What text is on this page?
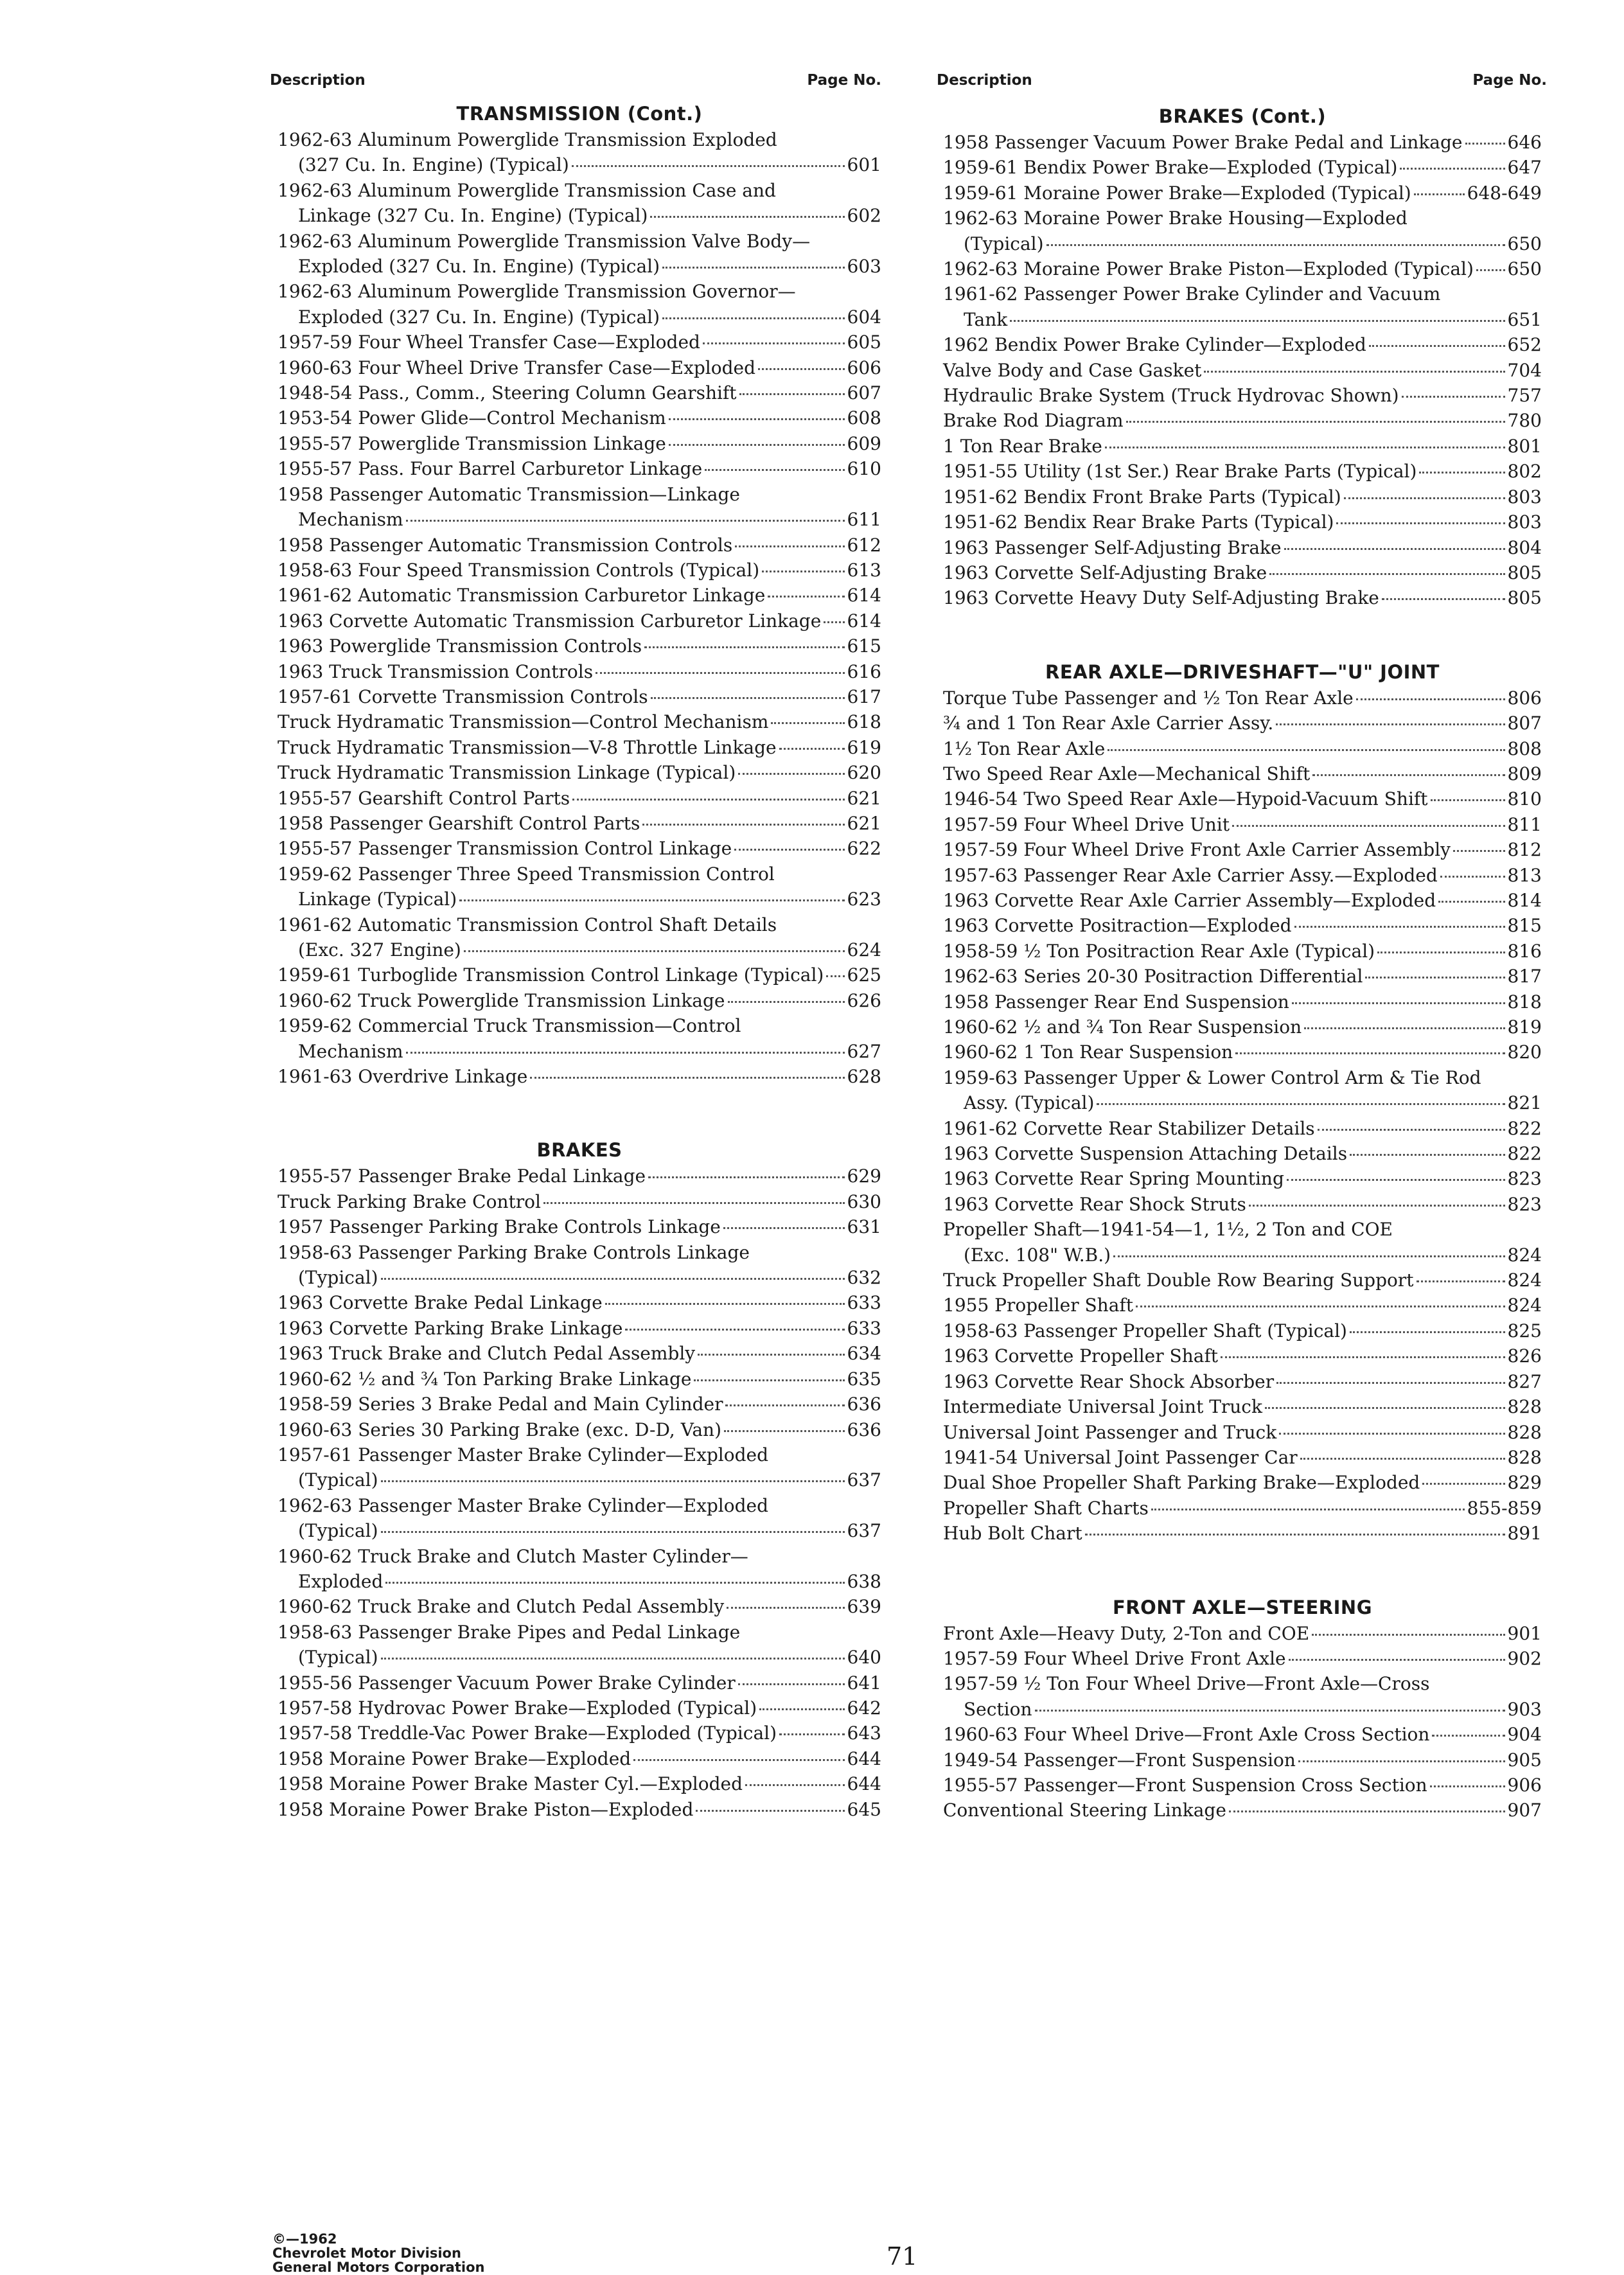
Description	Page No.
TRANSMISSION (Cont.)
1962-63 Aluminum Powerglide Transmission Exploded
(327 Cu. In. Engine) (Typical)	601
1962-63 Aluminum Powerglide Transmission Case and
Linkage (327 Cu. In. Engine) (Typical)	602
1962-63 Aluminum Powerglide Transmission Valve Body—
Exploded (327 Cu. In. Engine) (Typical)	603
1962-63 Aluminum Powerglide Transmission Governor—
Exploded (327 Cu. In. Engine) (Typical)	604
1957-59 Four Wheel Transfer Case—Exploded	605
1960-63 Four Wheel Drive Transfer Case—Exploded	606
1948-54 Pass., Comm., Steering Column Gearshift	607
1953-54 Power Glide—Control Mechanism	608
1955-57 Powerglide Transmission Linkage	609
1955-57 Pass. Four Barrel Carburetor Linkage	610
1958 Passenger Automatic Transmission—Linkage
Mechanism	611
1958 Passenger Automatic Transmission Controls	612
1958-63 Four Speed Transmission Controls (Typical)	613
1961-62 Automatic Transmission Carburetor Linkage	614
1963 Corvette Automatic Transmission Carburetor Linkage 614
1963 Powerglide Transmission Controls	615
1963 Truck Transmission Controls	616
1957-61 Corvette Transmission Controls	617
Truck Hydramatic Transmission—Control Mechanism	618
Truck Hydramatic Transmission—V-8 Throttle Linkage	619
Truck Hydramatic Transmission Linkage (Typical)	620
1955-57 Gearshift Control Parts	621
1958 Passenger Gearshift Control Parts	621
1955-57 Passenger Transmission Control Linkage	622
1959-62 Passenger Three Speed Transmission Control
Linkage (Typical)	623
1961-62 Automatic Transmission Control Shaft Details
(Exc. 327 Engine)	624
1959-61 Turboglide Transmission Control Linkage (Typical) 625
1960-62 Truck Powerglide Transmission Linkage	626
1959-62 Commercial Truck Transmission—Control
Mechanism	627
1961-63 Overdrive Linkage	628
BRAKES
1955-57 Passenger Brake Pedal Linkage	629
Truck Parking Brake Control	630
1957 Passenger Parking Brake Controls Linkage	631
1958-63 Passenger Parking Brake Controls Linkage
(Typical)	632
1963 Corvette Brake Pedal Linkage	633
1963 Corvette Parking Brake Linkage	633
1963 Truck Brake and Clutch Pedal Assembly	634
1960-62 ½ and ¾ Ton Parking Brake Linkage	635
1958-59 Series 3 Brake Pedal and Main Cylinder	636
1960-63 Series 30 Parking Brake (exc. D-D, Van)	636
1957-61 Passenger Master Brake Cylinder—Exploded
(Typical)	637
1962-63 Passenger Master Brake Cylinder—Exploded
(Typical)	637
1960-62 Truck Brake and Clutch Master Cylinder—
Exploded	638
1960-62 Truck Brake and Clutch Pedal Assembly	639
1958-63 Passenger Brake Pipes and Pedal Linkage
(Typical)	640
1955-56 Passenger Vacuum Power Brake Cylinder	641
1957-58 Hydrovac Power Brake—Exploded (Typical)	642
1957-58 Treddle-Vac Power Brake—Exploded (Typical)	643
1958 Moraine Power Brake—Exploded	644
1958 Moraine Power Brake Master Cyl.—Exploded	644
1958 Moraine Power Brake Piston—Exploded	645
Description	Page No.
BRAKES (Cont.)
1958 Passenger Vacuum Power Brake Pedal and Linkage	646
1959-61 Bendix Power Brake—Exploded (Typical)	647
1959-61 Moraine Power Brake—Exploded (Typical)	648-649
1962-63 Moraine Power Brake Housing—Exploded
(Typical)	650
1962-63 Moraine Power Brake Piston—Exploded (Typical) 650
1961-62 Passenger Power Brake Cylinder and Vacuum
Tank	651
1962 Bendix Power Brake Cylinder—Exploded	652
Valve Body and Case Gasket	704
Hydraulic Brake System (Truck Hydrovac Shown)	757
Brake Rod Diagram	780
1 Ton Rear Brake	801
1951-55 Utility (1st Ser.) Rear Brake Parts (Typical)	802
1951-62 Bendix Front Brake Parts (Typical)	803
1951-62 Bendix Rear Brake Parts (Typical)	803
1963 Passenger Self-Adjusting Brake	804
1963 Corvette Self-Adjusting Brake	805
1963 Corvette Heavy Duty Self-Adjusting Brake	805
REAR AXLE—DRIVESHAFT—"U" JOINT
Torque Tube Passenger and ½ Ton Rear Axle	806
¾ and 1 Ton Rear Axle Carrier Assy.	807
1½ Ton Rear Axle	808
Two Speed Rear Axle—Mechanical Shift	809
1946-54 Two Speed Rear Axle—Hypoid-Vacuum Shift	810
1957-59 Four Wheel Drive Unit	811
1957-59 Four Wheel Drive Front Axle Carrier Assembly	812
1957-63 Passenger Rear Axle Carrier Assy.—Exploded	813
1963 Corvette Rear Axle Carrier Assembly—Exploded	814
1963 Corvette Positraction—Exploded	815
1958-59 ½ Ton Positraction Rear Axle (Typical)	816
1962-63 Series 20-30 Positraction Differential	817
1958 Passenger Rear End Suspension	818
1960-62 ½ and ¾ Ton Rear Suspension	819
1960-62 1 Ton Rear Suspension	820
1959-63 Passenger Upper & Lower Control Arm & Tie Rod
Assy. (Typical)	821
1961-62 Corvette Rear Stabilizer Details	822
1963 Corvette Suspension Attaching Details	822
1963 Corvette Rear Spring Mounting	823
1963 Corvette Rear Shock Struts	823
Propeller Shaft—1941-54—1, 1½, 2 Ton and COE
(Exc. 108" W.B.)	824
Truck Propeller Shaft Double Row Bearing Support	824
1955 Propeller Shaft	824
1958-63 Passenger Propeller Shaft (Typical)	825
1963 Corvette Propeller Shaft	826
1963 Corvette Rear Shock Absorber	827
Intermediate Universal Joint Truck	828
Universal Joint Passenger and Truck	828
1941-54 Universal Joint Passenger Car	828
Dual Shoe Propeller Shaft Parking Brake—Exploded	829
Propeller Shaft Charts	855-859
Hub Bolt Chart	891
FRONT AXLE—STEERING
Front Axle—Heavy Duty, 2-Ton and COE	901
1957-59 Four Wheel Drive Front Axle	902
1957-59 ½ Ton Four Wheel Drive—Front Axle—Cross
Section	903
1960-63 Four Wheel Drive—Front Axle Cross Section	904
1949-54 Passenger—Front Suspension	905
1955-57 Passenger—Front Suspension Cross Section	906
Conventional Steering Linkage	907
©—1962
Chevrolet Motor Division
General Motors Corporation	71
